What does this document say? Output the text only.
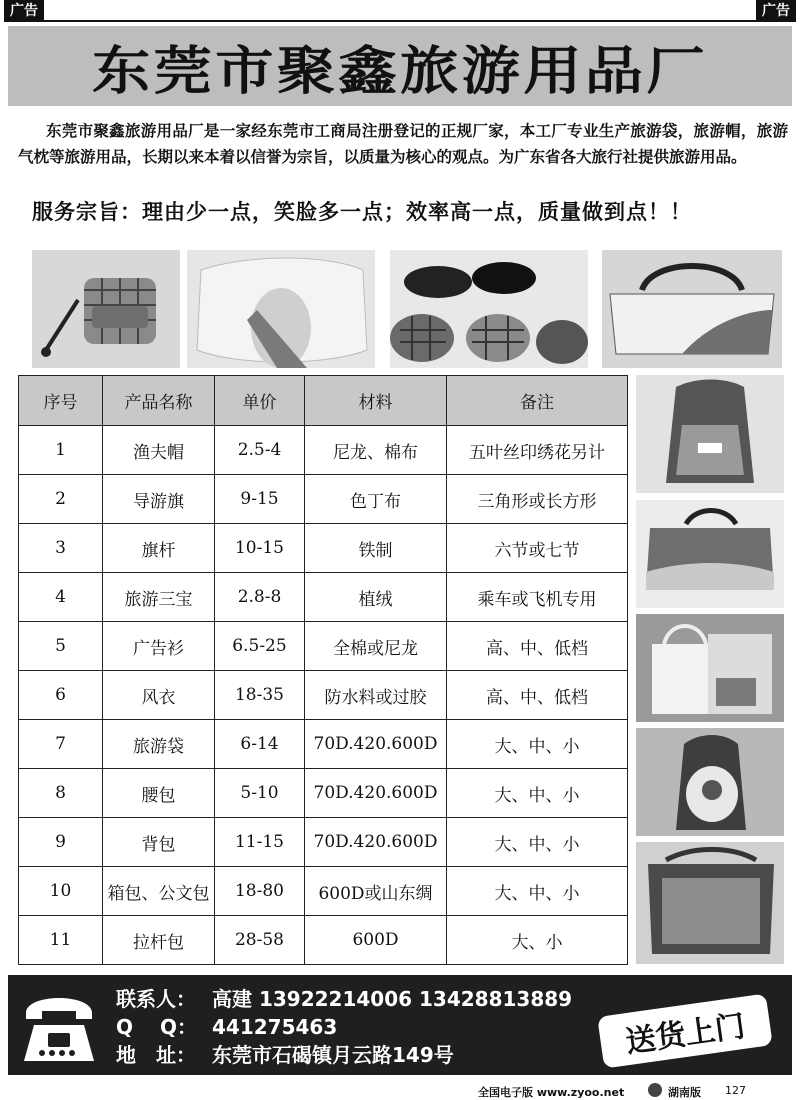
广告	广告
东莞市聚鑫旅游用品厂

东莞市聚鑫旅游用品厂是一家经东莞市工商局注册登记的正规厂家，本工厂专业生产旅游袋，旅游帽，旅游气枕等旅游用品，长期以来本着以信誉为宗旨，以质量为核心的观点。为广东省各大旅行社提供旅游用品。

服务宗旨：理由少一点，笑脸多一点；效率高一点，质量做到点！！
序号	产品名称	单价	材料	备注
1	渔夫帽	2.5-4	尼龙、棉布	五叶丝印绣花另计
2	导游旗	9-15	色丁布	三角形或长方形
3	旗杆	10-15	铁制	六节或七节
4	旅游三宝	2.8-8	植绒	乘车或飞机专用
5	广告衫	6.5-25	全棉或尼龙	高、中、低档
6	风衣	18-35	防水料或过胶	高、中、低档
7	旅游袋	6-14	70D.420.600D	大、中、小
8	腰包	5-10	70D.420.600D	大、中、小
9	背包	11-15	70D.420.600D	大、中、小
10	箱包、公文包	18-80	600D或山东绸	大、中、小
11	拉杆包	28-58	600D	大、小
联系人： 高建 13922214006 13428813889
Q　 Q： 441275463
地　址： 东莞市石碣镇月云路149号	送货上门
全国电子版 www.zyoo.net	湖南版 127
